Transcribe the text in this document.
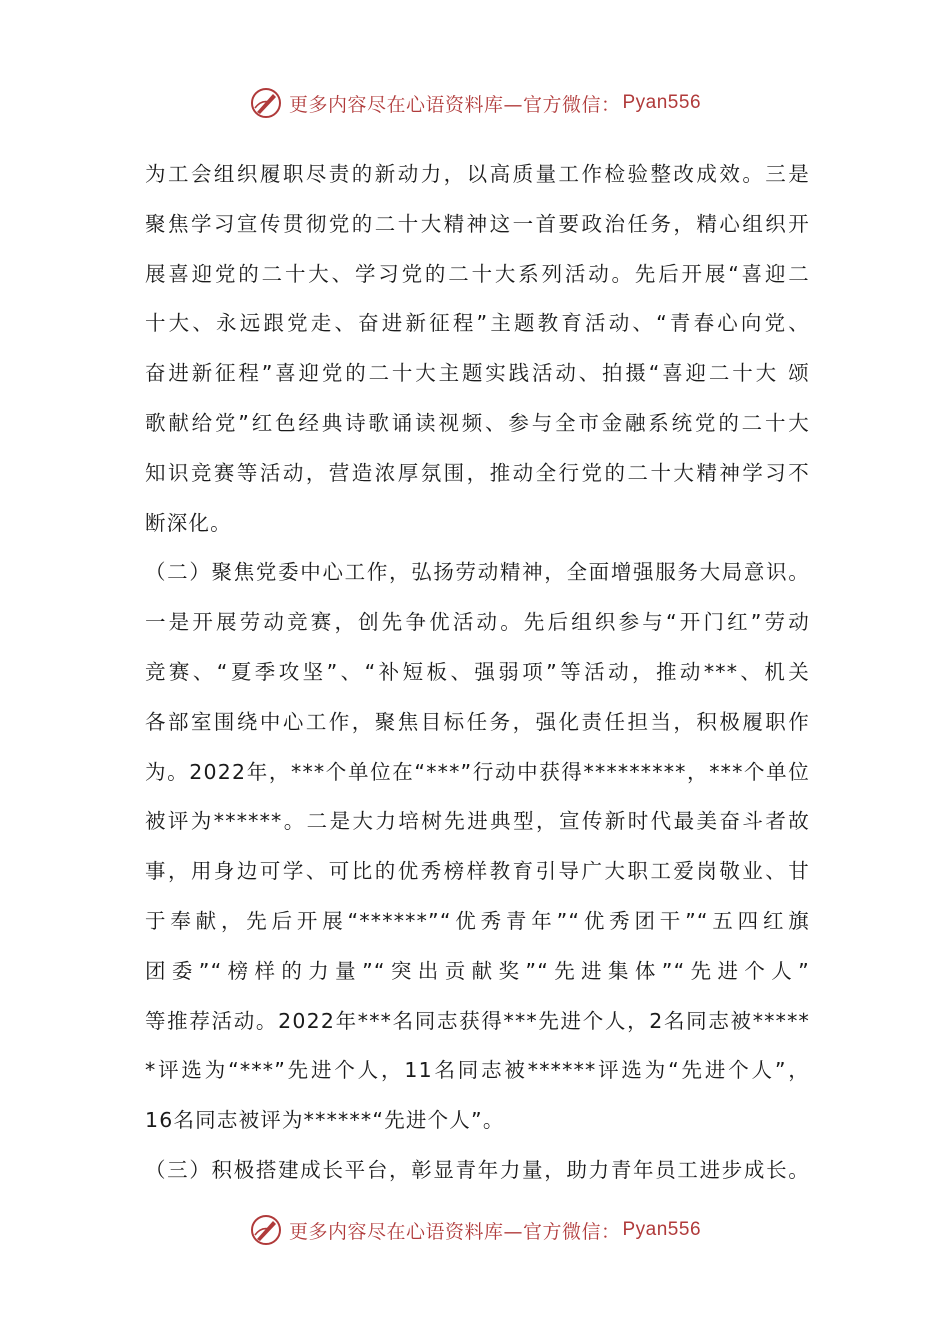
更多内容尽在心语资料库—官方微信： Pyan556
为工会组织履职尽责的新动力，以高质量工作检验整改成效。三是
聚焦学习宣传贯彻党的二十大精神这一首要政治任务，精心组织开
展喜迎党的二十大、学习党的二十大系列活动。先后开展“喜迎二
十大、永远跟党走、奋进新征程”主题教育活动、“青春心向党、
奋进新征程”喜迎党的二十大主题实践活动、拍摄“喜迎二十大 颂
歌献给党”红色经典诗歌诵读视频、参与全市金融系统党的二十大
知识竞赛等活动，营造浓厚氛围，推动全行党的二十大精神学习不
断深化。
（二）聚焦党委中心工作，弘扬劳动精神，全面增强服务大局意识。
一是开展劳动竞赛，创先争优活动。先后组织参与“开门红”劳动
竞赛、“夏季攻坚”、“补短板、强弱项”等活动，推动***、机关
各部室围绕中心工作，聚焦目标任务，强化责任担当，积极履职作
为。2022年，***个单位在“***”行动中获得*********，***个单位
被评为******。二是大力培树先进典型，宣传新时代最美奋斗者故
事，用身边可学、可比的优秀榜样教育引导广大职工爱岗敬业、甘
于奉献，先后开展“******”“优秀青年”“优秀团干”“五四红旗
团委”“榜样的力量”“突出贡献奖”“先进集体”“先进个人”
等推荐活动。2022年***名同志获得***先进个人，2名同志被*****
*评选为“***”先进个人，11名同志被******评选为“先进个人”，
16名同志被评为******“先进个人”。
（三）积极搭建成长平台，彰显青年力量，助力青年员工进步成长。
更多内容尽在心语资料库—官方微信： Pyan556
